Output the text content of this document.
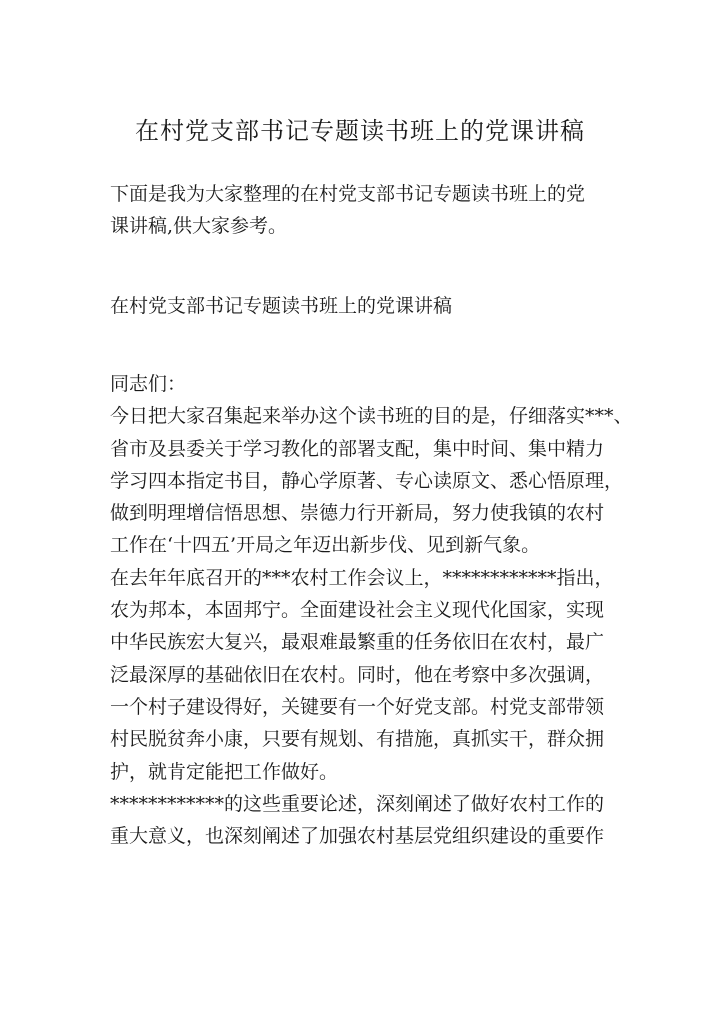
在村党支部书记专题读书班上的党课讲稿
下面是我为大家整理的在村党支部书记专题读书班上的党
课讲稿,供大家参考。
在村党支部书记专题读书班上的党课讲稿
同志们：
今日把大家召集起来举办这个读书班的目的是，仔细落实***、
省市及县委关于学习教化的部署支配，集中时间、集中精力
学习四本指定书目，静心学原著、专心读原文、悉心悟原理，
做到明理增信悟思想、崇德力行开新局，努力使我镇的农村
工作在‘十四五’开局之年迈出新步伐、见到新气象。
在去年年底召开的***农村工作会议上，************指出，
农为邦本，本固邦宁。全面建设社会主义现代化国家，实现
中华民族宏大复兴，最艰难最繁重的任务依旧在农村，最广
泛最深厚的基础依旧在农村。同时，他在考察中多次强调，
一个村子建设得好，关键要有一个好党支部。村党支部带领
村民脱贫奔小康，只要有规划、有措施，真抓实干，群众拥
护，就肯定能把工作做好。
************的这些重要论述，深刻阐述了做好农村工作的
重大意义，也深刻阐述了加强农村基层党组织建设的重要作
